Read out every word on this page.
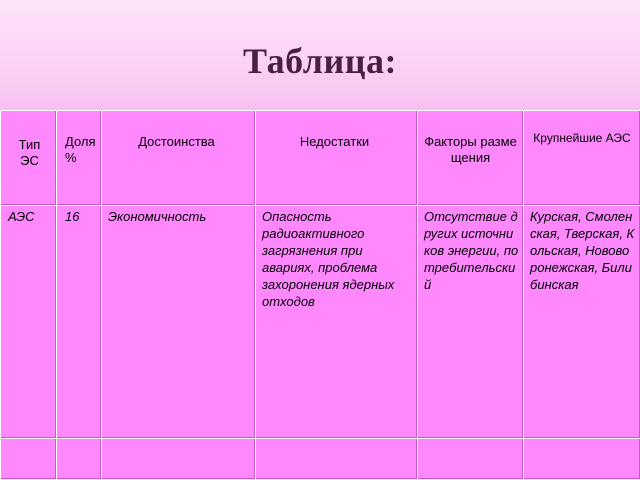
Таблица:
Тип ЭС	Доля %	Достоинства	Недостатки	Факторы размещения	Крупнейшие АЭС

АЭС	16	Экономичность	Опасность радиоактивного загрязнения при авариях, проблема захоронения ядерных отходов	Отсутствие других источников энергии, потребительский	Курская, Смоленская, Тверская, Кольская, Нововоронежская, Билибинская
